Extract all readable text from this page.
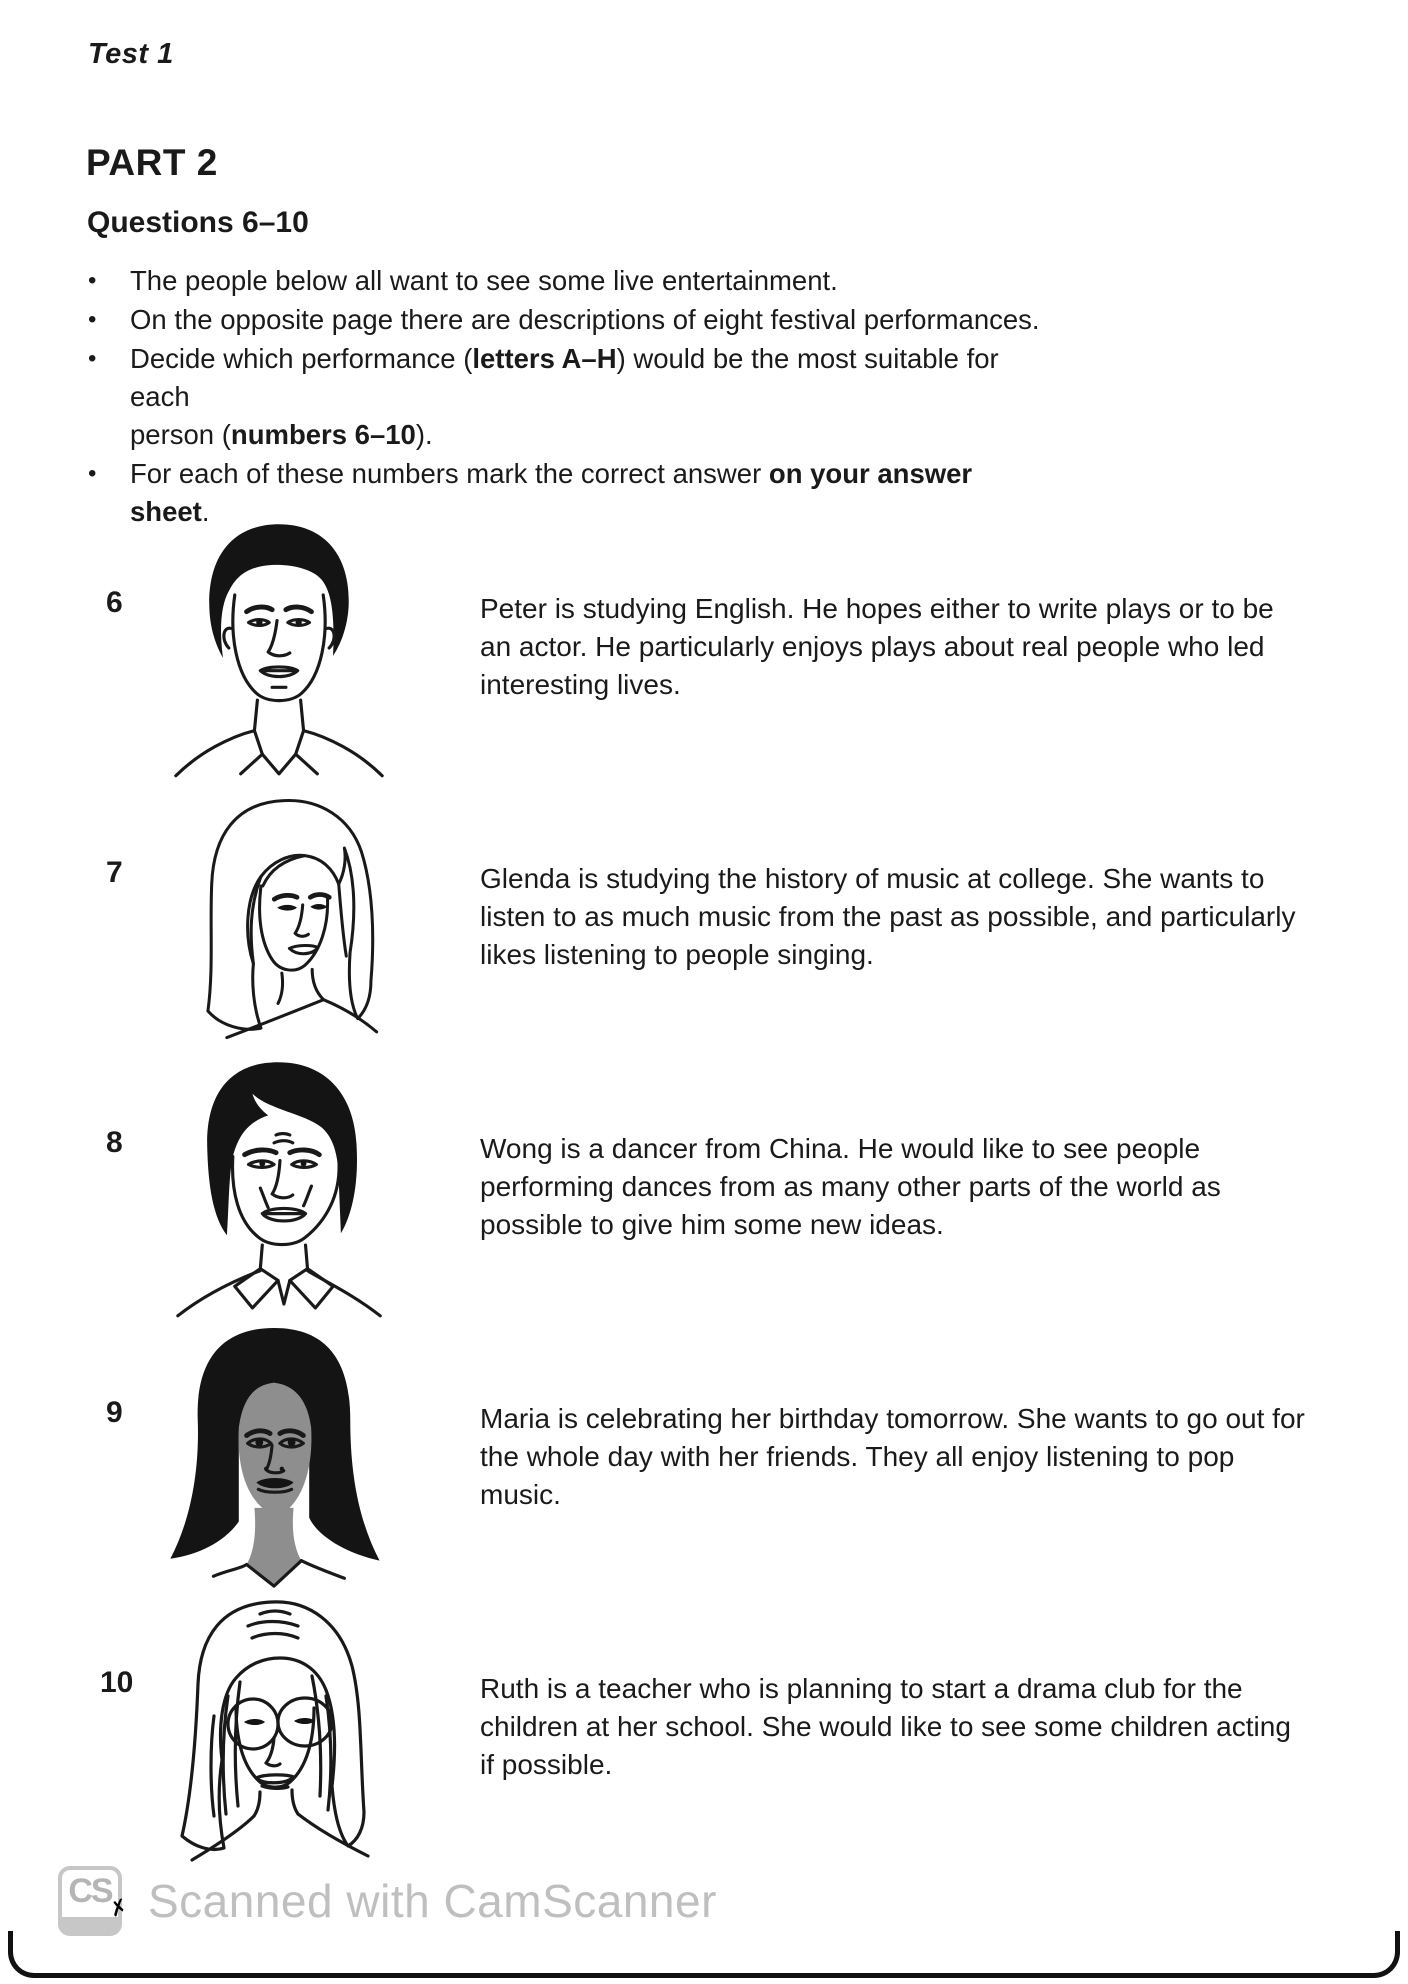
Test 1
PART 2
Questions 6–10
•	The people below all want to see some live entertainment.
•	On the opposite page there are descriptions of eight festival performances.
•	Decide which performance (letters A–H) would be the most suitable for each
person (numbers 6–10).
•	For each of these numbers mark the correct answer on your answer sheet.
6	Peter is studying English. He hopes either to write plays or to be
an actor. He particularly enjoys plays about real people who led
interesting lives.
7	Glenda is studying the history of music at college. She wants to
listen to as much music from the past as possible, and particularly
likes listening to people singing.
8	Wong is a dancer from China. He would like to see people
performing dances from as many other parts of the world as
possible to give him some new ideas.
9	Maria is celebrating her birthday tomorrow. She wants to go out for
the whole day with her friends. They all enjoy listening to pop
music.
10	Ruth is a teacher who is planning to start a drama club for the
children at her school. She would like to see some children acting
if possible.
CS
✗ Scanned with CamScanner
